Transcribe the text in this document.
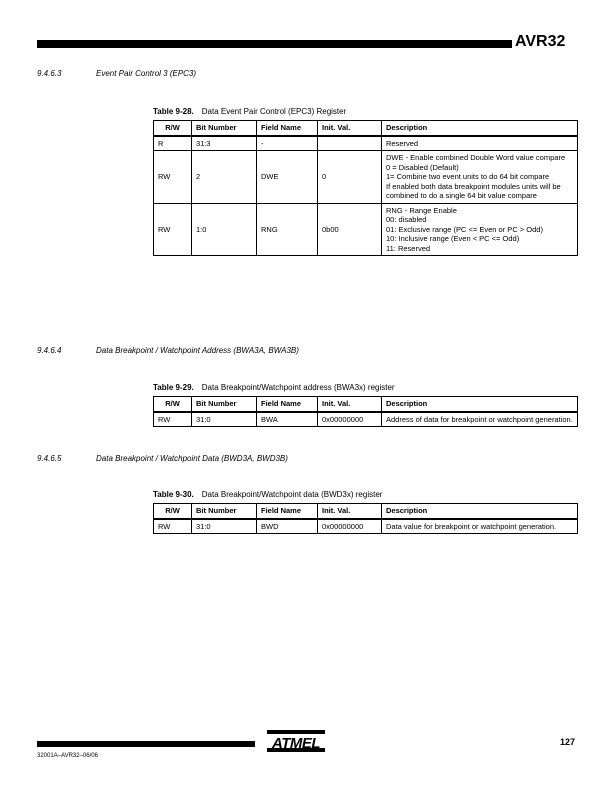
AVR32
9.4.6.3	Event Pair Control 3 (EPC3)
Table 9-28. Data Event Pair Control (EPC3) Register
R/W	Bit Number	Field Name	Init. Val.	Description
R	31:3	-		Reserved

RW	2	DWE	0	DWE - Enable combined Double Word value compare
0 = Disabled (Default)
1= Combine two event units to do 64 bit compare
If enabled both data breakpoint modules units will be combined to do a single 64 bit value compare

RW	1:0	RNG	0b00	RNG - Range Enable
00: disabled
01: Exclusive range (PC <= Even or PC > Odd)
10: Inclusive range (Even < PC <= Odd)
11: Reserved
9.4.6.4	Data Breakpoint / Watchpoint Address (BWA3A, BWA3B)
Table 9-29. Data Breakpoint/Watchpoint address (BWA3x) register
R/W	Bit Number	Field Name	Init. Val.	Description
RW	31:0	BWA	0x00000000	Address of data for breakpoint or watchpoint generation.
9.4.6.5	Data Breakpoint / Watchpoint Data (BWD3A, BWD3B)
Table 9-30. Data Breakpoint/Watchpoint data (BWD3x) register
R/W	Bit Number	Field Name	Init. Val.	Description
RW	31:0	BWD	0x00000000	Data value for breakpoint or watchpoint generation.
32001A–AVR32–06/06
ATMEL	127
